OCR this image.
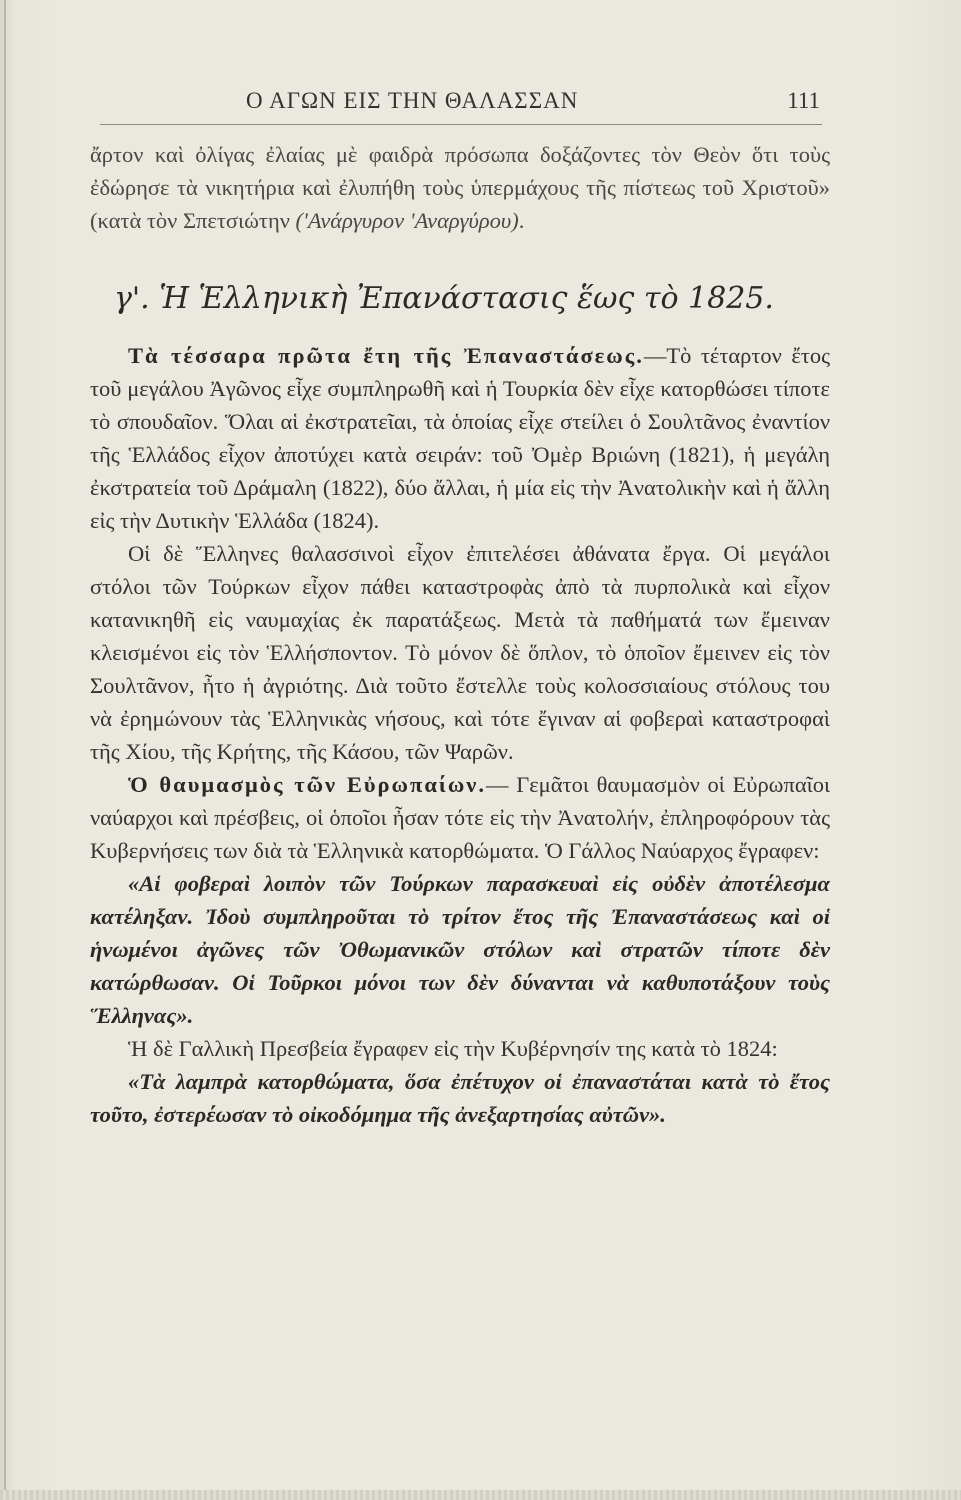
Ο ΑΓΩΝ ΕΙΣ ΤΗΝ ΘΑΛΑΣΣΑΝ	111

ἄρτον καὶ ὀλίγας ἐλαίας μὲ φαιδρὰ πρόσωπα δοξάζοντες τὸν Θεὸν ὅτι τοὺς ἐδώρησε τὰ νικητήρια καὶ ἐλυπήθη τοὺς ὑπερμάχους τῆς πίστεως τοῦ Χριστοῦ» (κατὰ τὸν Σπετσιώτην ('Ανάργυρον 'Αναργύρου).

γ'. Ἡ Ἑλληνικὴ Ἐπανάστασις ἕως τὸ 1825.

Τὰ τέσσαρα πρῶτα ἔτη τῆς Ἐπαναστάσεως.—Τὸ τέταρτον ἔτος τοῦ μεγάλου Ἀγῶνος εἶχε συμπληρωθῆ καὶ ἡ Τουρκία δὲν εἶχε κατορθώσει τίποτε τὸ σπουδαῖον. Ὅλαι αἱ ἐκστρατεῖαι, τὰ ὁποίας εἶχε στείλει ὁ Σουλτᾶνος ἐναντίον τῆς Ἑλλάδος εἶχον ἀποτύχει κατὰ σειράν: τοῦ Ὀμὲρ Βριώνη (1821), ἡ μεγάλη ἐκστρατεία τοῦ Δράμαλη (1822), δύο ἄλλαι, ἡ μία εἰς τὴν Ἀνατολικὴν καὶ ἡ ἄλλη εἰς τὴν Δυτικὴν Ἑλλάδα (1824).

Οἱ δὲ Ἕλληνες θαλασσινοὶ εἶχον ἐπιτελέσει ἀθάνατα ἔργα. Οἱ μεγάλοι στόλοι τῶν Τούρκων εἶχον πάθει καταστροφὰς ἀπὸ τὰ πυρπολικὰ καὶ εἶχον κατανικηθῆ εἰς ναυμαχίας ἐκ παρατάξεως. Μετὰ τὰ παθήματά των ἔμειναν κλεισμένοι εἰς τὸν Ἑλλήσποντον. Τὸ μόνον δὲ ὅπλον, τὸ ὁποῖον ἔμεινεν εἰς τὸν Σουλτᾶνον, ἦτο ἡ ἀγριότης. Διὰ τοῦτο ἔστελλε τοὺς κολοσσιαίους στόλους του νὰ ἐρημώνουν τὰς Ἑλληνικὰς νήσους, καὶ τότε ἔγιναν αἱ φοβεραὶ καταστροφαὶ τῆς Χίου, τῆς Κρήτης, τῆς Κάσου, τῶν Ψαρῶν.

Ὁ θαυμασμὸς τῶν Εὐρωπαίων.— Γεμᾶτοι θαυμασμὸν οἱ Εὐρωπαῖοι ναύαρχοι καὶ πρέσβεις, οἱ ὁποῖοι ἦσαν τότε εἰς τὴν Ἀνατολήν, ἐπληροφόρουν τὰς Κυβερνήσεις των διὰ τὰ Ἑλληνικὰ κατορθώματα. Ὁ Γάλλος Ναύαρχος ἔγραφεν:

«Αἱ φοβεραὶ λοιπὸν τῶν Τούρκων παρασκευαὶ εἰς οὐδὲν ἀποτέλεσμα κατέληξαν. Ἰδοὺ συμπληροῦται τὸ τρίτον ἔτος τῆς Ἐπαναστάσεως καὶ οἱ ἡνωμένοι ἀγῶνες τῶν Ὀθωμανικῶν στόλων καὶ στρατῶν τίποτε δὲν κατώρθωσαν. Οἱ Τοῦρκοι μόνοι των δὲν δύνανται νὰ καθυποτάξουν τοὺς Ἕλληνας».

Ἡ δὲ Γαλλικὴ Πρεσβεία ἔγραφεν εἰς τὴν Κυβέρνησίν της κατὰ τὸ 1824:

«Τὰ λαμπρὰ κατορθώματα, ὅσα ἐπέτυχον οἱ ἐπαναστάται κατὰ τὸ ἔτος τοῦτο, ἐστερέωσαν τὸ οἰκοδόμημα τῆς ἀνεξαρτησίας αὐτῶν».
